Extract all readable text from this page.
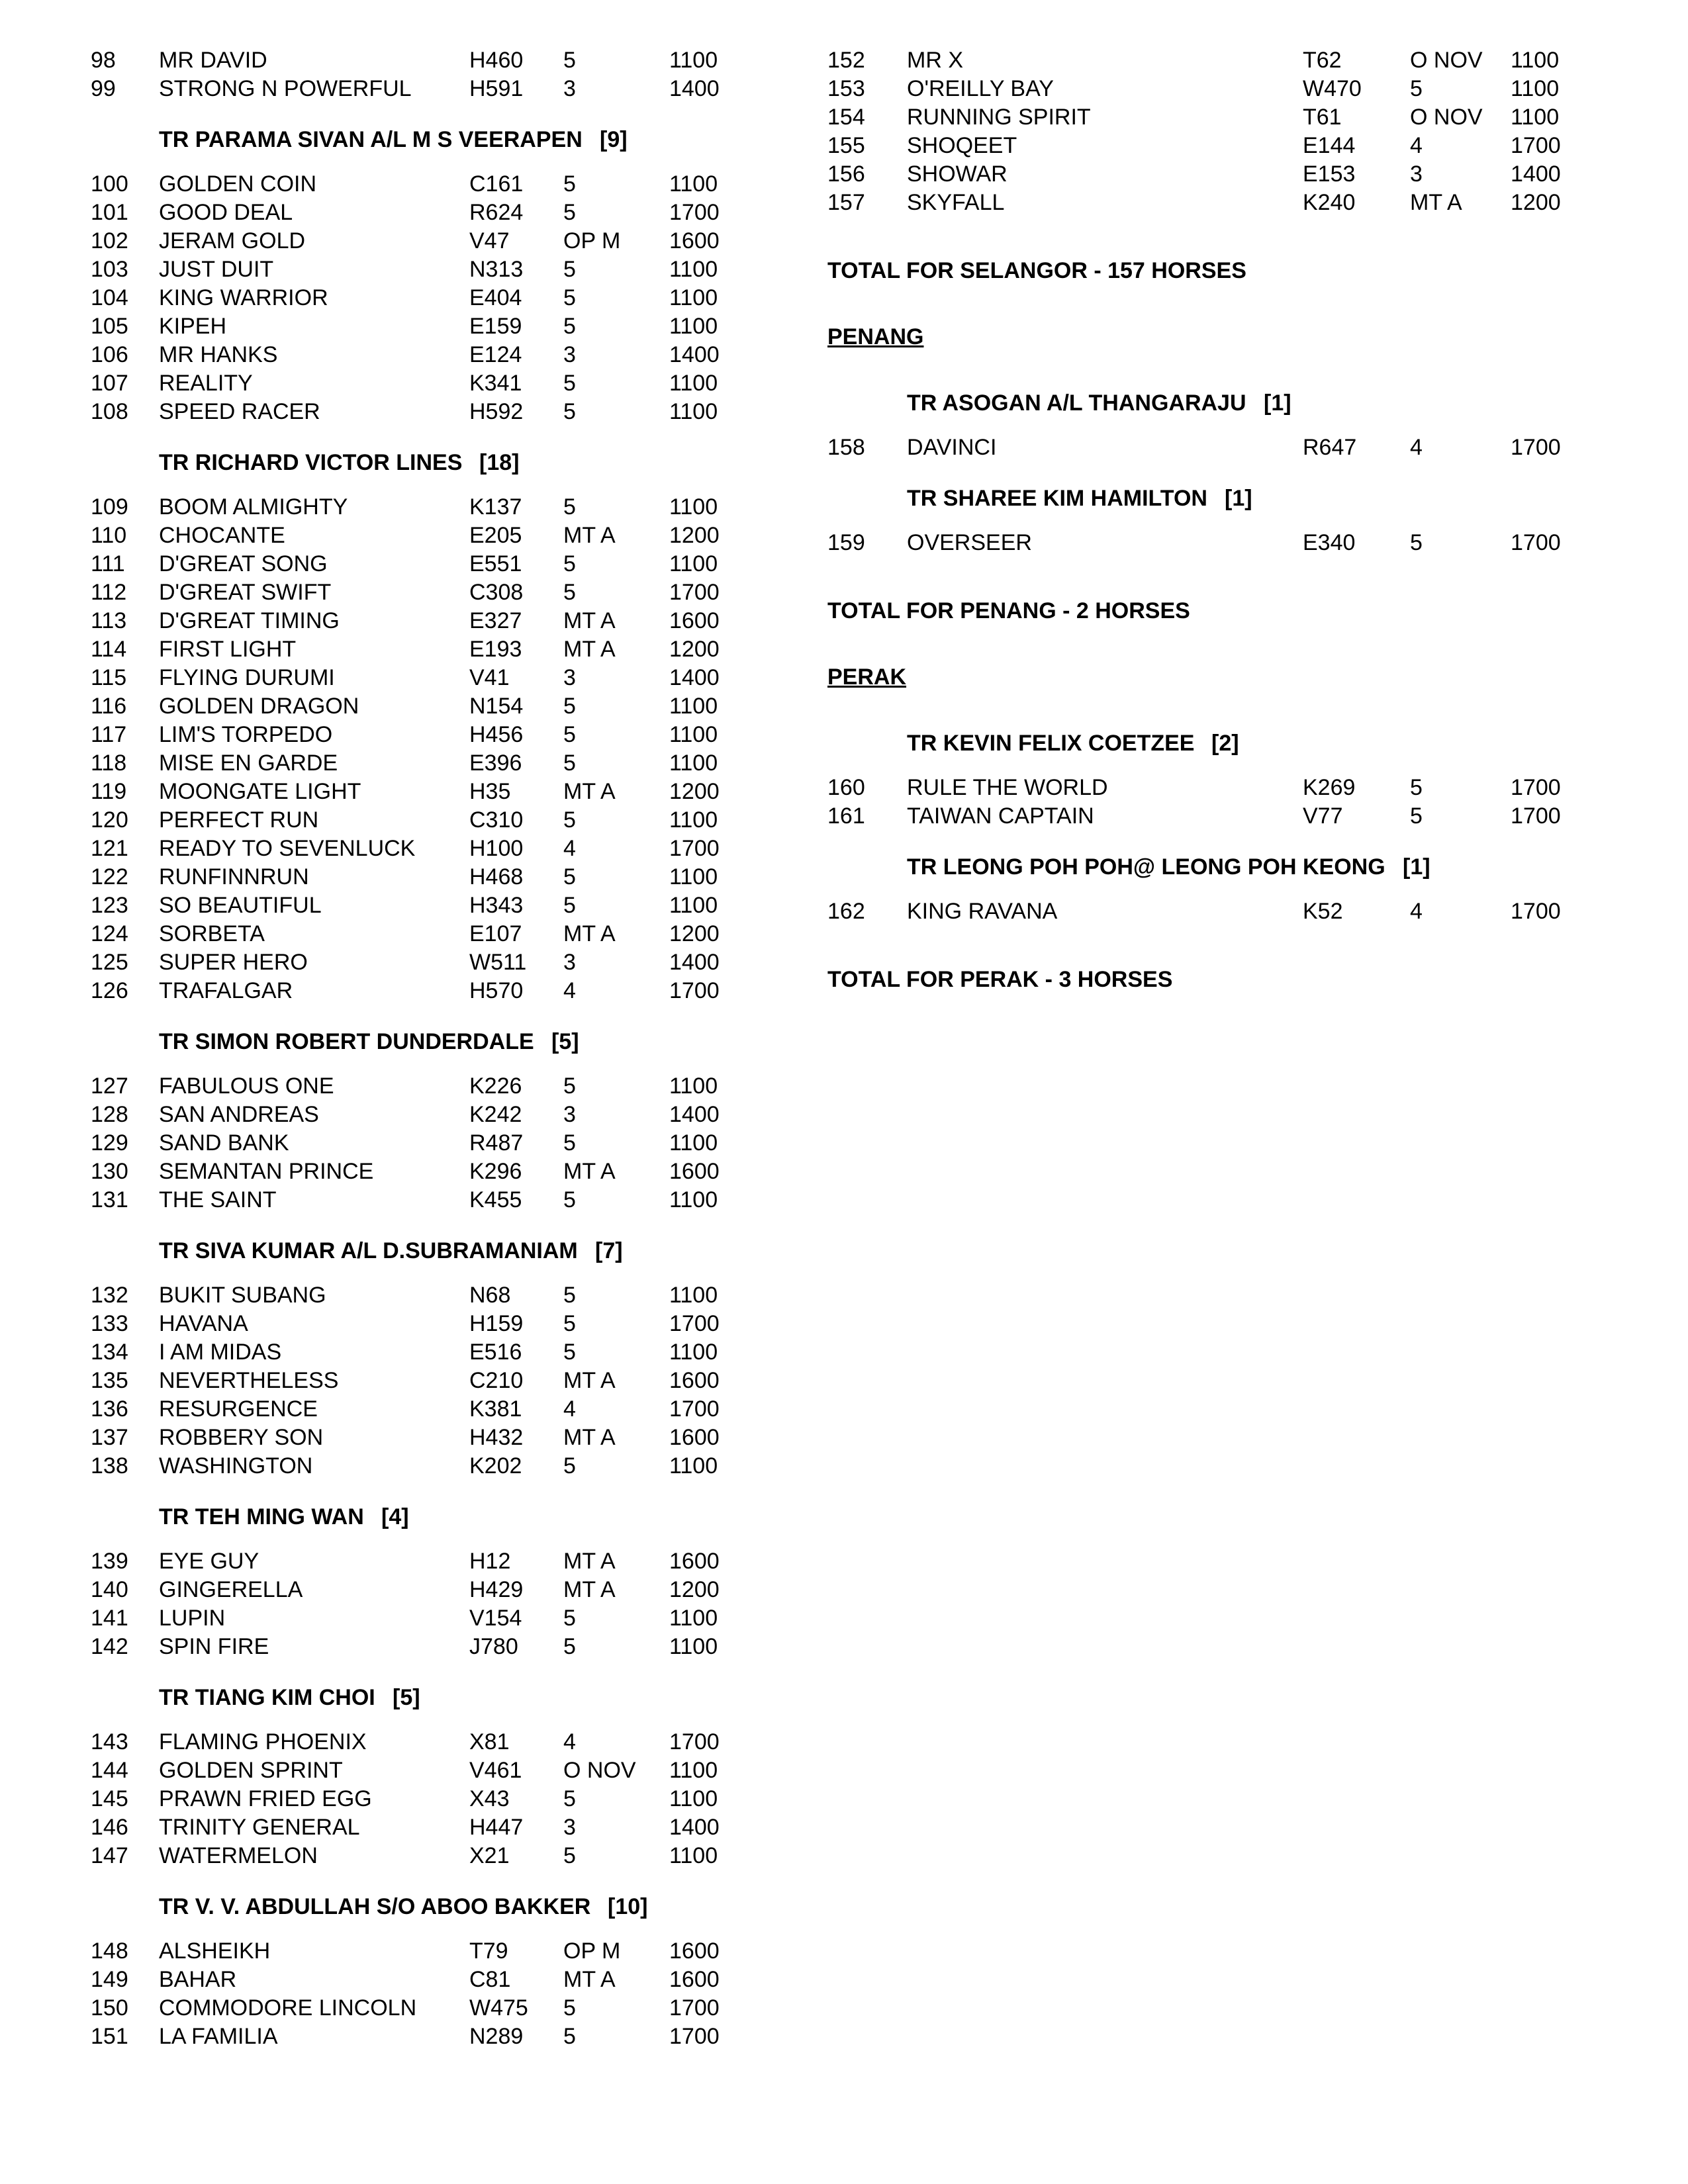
98 MR DAVID	H460 5	1100
99 STRONG N POWERFUL	H591 3	1400
TR PARAMA SIVAN A/L M S VEERAPEN [9]
100 GOLDEN COIN	C161 5	1100
101 GOOD DEAL	R624 5	1700
102 JERAM GOLD	V47 OP M 1600
103 JUST DUIT	N313 5	1100
104 KING WARRIOR	E404 5	1100
105 KIPEH	E159 5	1100
106 MR HANKS	E124 3	1400
107 REALITY	K341 5	1100
108 SPEED RACER	H592 5	1100
TR RICHARD VICTOR LINES [18]
109 BOOM ALMIGHTY	K137 5	1100
110 CHOCANTE	E205 MT A 1200
111 D'GREAT SONG	E551 5	1100
112 D'GREAT SWIFT	C308 5	1700
113 D'GREAT TIMING	E327 MT A 1600
114 FIRST LIGHT	E193 MT A 1200
115 FLYING DURUMI	V41 3	1400
116 GOLDEN DRAGON	N154 5	1100
117 LIM'S TORPEDO	H456 5	1100
118 MISE EN GARDE	E396 5	1100
119 MOONGATE LIGHT	H35 MT A 1200
120 PERFECT RUN	C310 5	1100
121 READY TO SEVENLUCK H100 4	1700
122 RUNFINNRUN	H468 5	1100
123 SO BEAUTIFUL	H343 5	1100
124 SORBETA	E107 MT A 1200
125 SUPER HERO	W511 3	1400
126 TRAFALGAR	H570 4	1700
TR SIMON ROBERT DUNDERDALE [5]
127 FABULOUS ONE	K226 5	1100
128 SAN ANDREAS	K242 3	1400
129 SAND BANK	R487 5	1100
130 SEMANTAN PRINCE	K296 MT A 1600
131 THE SAINT	K455 5	1100
TR SIVA KUMAR A/L D.SUBRAMANIAM [7]
132 BUKIT SUBANG	N68 5	1100
133 HAVANA	H159 5	1700
134 I AM MIDAS	E516 5	1100
135 NEVERTHELESS	C210 MT A 1600
136 RESURGENCE	K381 4	1700
137 ROBBERY SON	H432 MT A 1600
138 WASHINGTON	K202 5	1100
TR TEH MING WAN [4]
139 EYE GUY	H12 MT A 1600
140 GINGERELLA	H429 MT A 1200
141 LUPIN	V154 5	1100
142 SPIN FIRE	J780 5	1100
TR TIANG KIM CHOI [5]
143 FLAMING PHOENIX	X81 4	1700
144 GOLDEN SPRINT	V461 O NOV 1100
145 PRAWN FRIED EGG	X43 5	1100
146 TRINITY GENERAL	H447 3	1400
147 WATERMELON	X21 5	1100
TR V. V. ABDULLAH S/O ABOO BAKKER [10]
148 ALSHEIKH	T79 OP M 1600
149 BAHAR	C81 MT A 1600
150 COMMODORE LINCOLN W475 5	1700
151 LA FAMILIA	N289 5	1700
152 MR X	T62	O NOV 1100
153 O'REILLY BAY	W470 5	1100
154 RUNNING SPIRIT	T61	O NOV 1100
155 SHOQEET	E144 4	1700
156 SHOWAR	E153 3	1400
157 SKYFALL	K240 MT A 1200
TOTAL FOR SELANGOR - 157 HORSES
PENANG
TR ASOGAN A/L THANGARAJU [1]
158 DAVINCI	R647 4	1700
TR SHAREE KIM HAMILTON [1]
159 OVERSEER	E340 5	1700
TOTAL FOR PENANG - 2 HORSES
PERAK
TR KEVIN FELIX COETZEE [2]
160 RULE THE WORLD	K269 5	1700
161 TAIWAN CAPTAIN	V77	5	1700
TR LEONG POH POH@ LEONG POH KEONG [1]
162 KING RAVANA	K52	4	1700
TOTAL FOR PERAK - 3 HORSES
